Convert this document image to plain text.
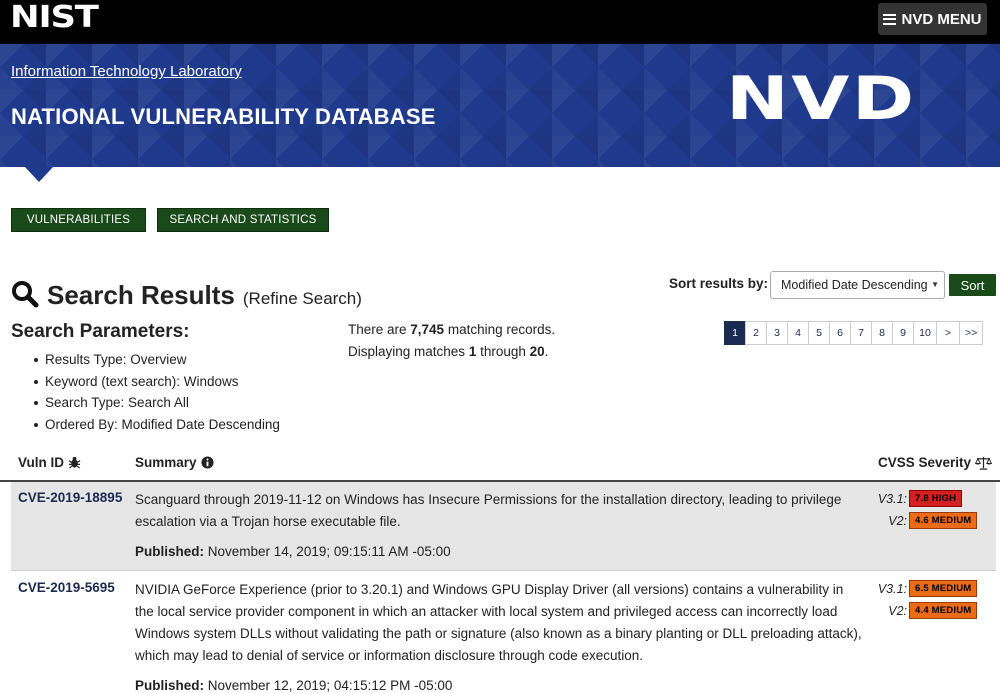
NIST	NVD MENU
Information Technology Laboratory
NATIONAL VULNERABILITY DATABASE	NVD
VULNERABILITIES	SEARCH AND STATISTICS
Search Results (Refine Search)
Sort results by: Modified Date Descending ▼	Sort
Search Parameters:
Results Type: Overview
Keyword (text search): Windows
Search Type: Search All
Ordered By: Modified Date Descending
There are 7,745 matching records.
Displaying matches 1 through 20.
1	2	3	4	5	6	7	8	9	10	>	>>
Vuln ID	Summary	CVSS Severity
CVE-2019-18895 Scanguard through 2019-11-12 on Windows has Insecure Permissions for the installation directory, leading to privilege escalation via a Trojan horse executable file.
Published: November 14, 2019; 09:15:11 AM -05:00
V3.1: 7.8 HIGH
V2: 4.6 MEDIUM
CVE-2019-5695 NVIDIA GeForce Experience (prior to 3.20.1) and Windows GPU Display Driver (all versions) contains a vulnerability in the local service provider component in which an attacker with local system and privileged access can incorrectly load Windows system DLLs without validating the path or signature (also known as a binary planting or DLL preloading attack), which may lead to denial of service or information disclosure through code execution.
Published: November 12, 2019; 04:15:12 PM -05:00
V3.1: 6.5 MEDIUM
V2: 4.4 MEDIUM
